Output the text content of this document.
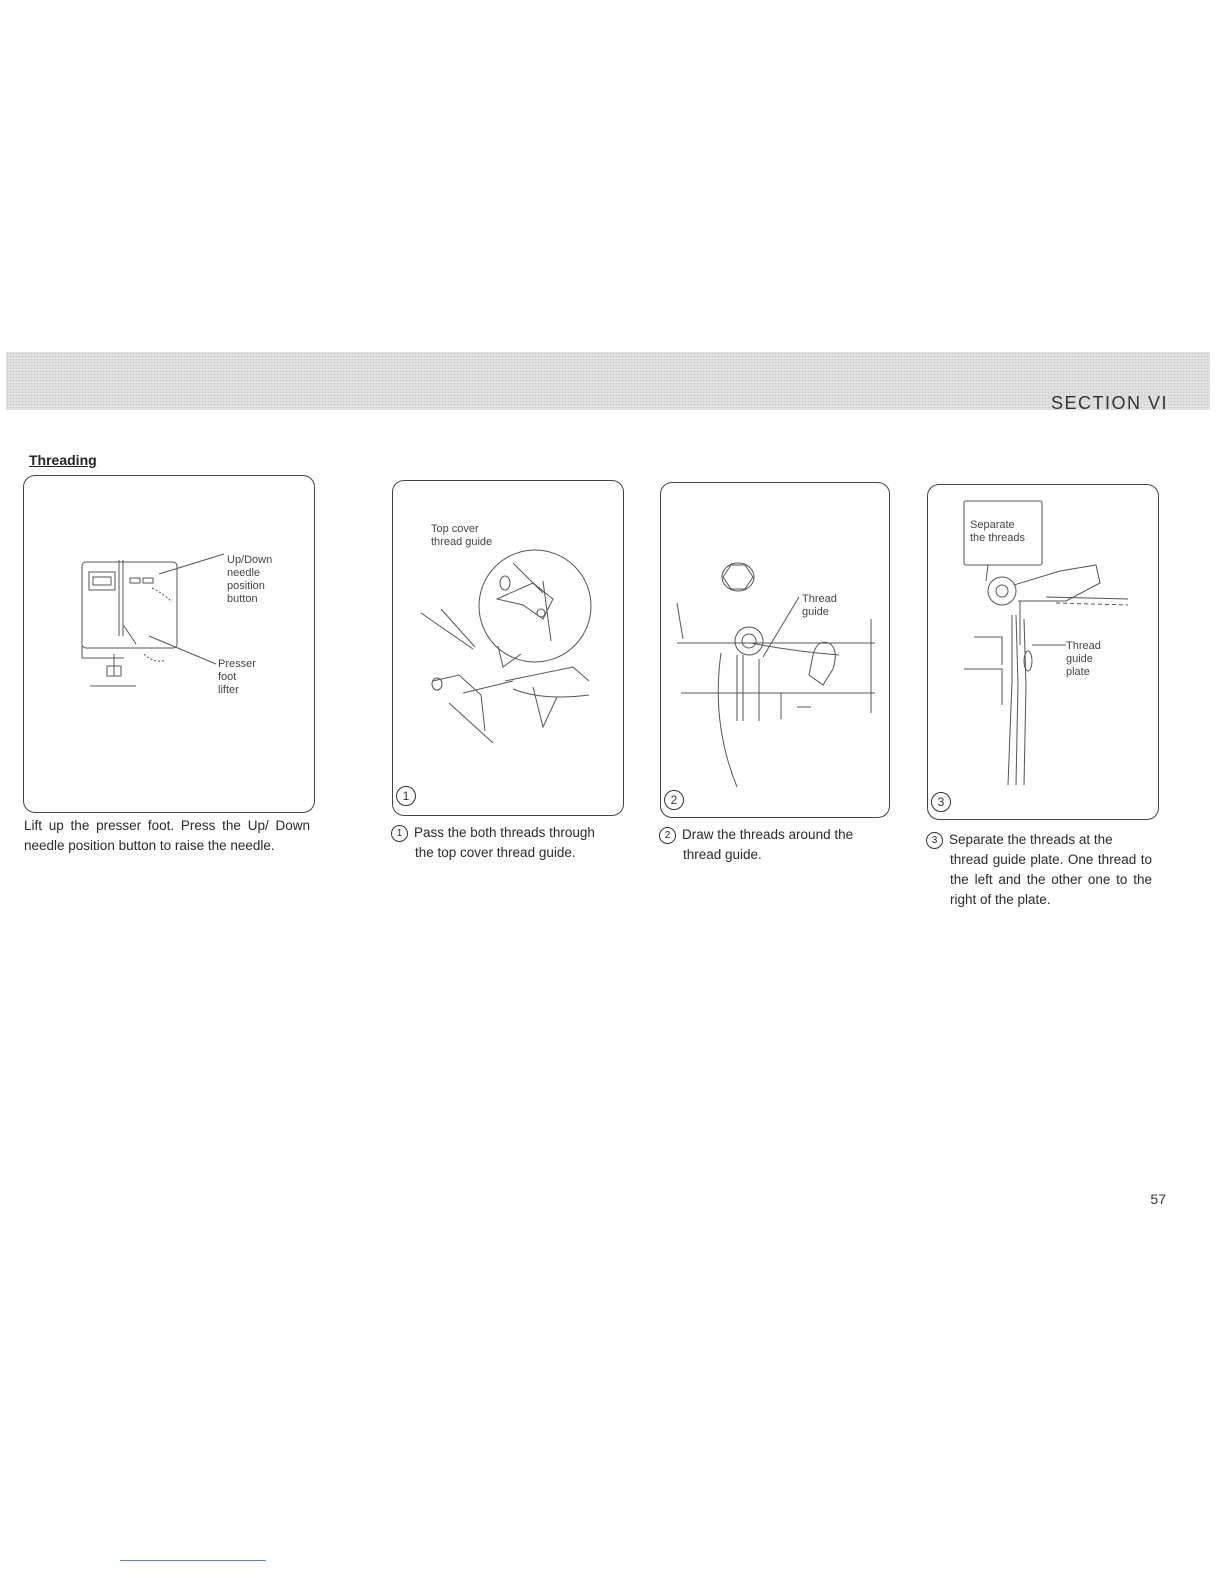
SECTION VI
Threading
Up/Down
needle
position
button
Presser
foot
lifter
Lift up the presser foot. Press the Up/ Down needle position button to raise the needle.
Top cover
thread guide
1
1 Pass the both threads through
the top cover thread guide.
Thread
guide
2
2 Draw the threads around the
thread guide.
Separate
the threads
Thread
guide
plate
3
3 Separate the threads at the
thread guide plate. One thread to the left and the other one to the right of the plate.
57
